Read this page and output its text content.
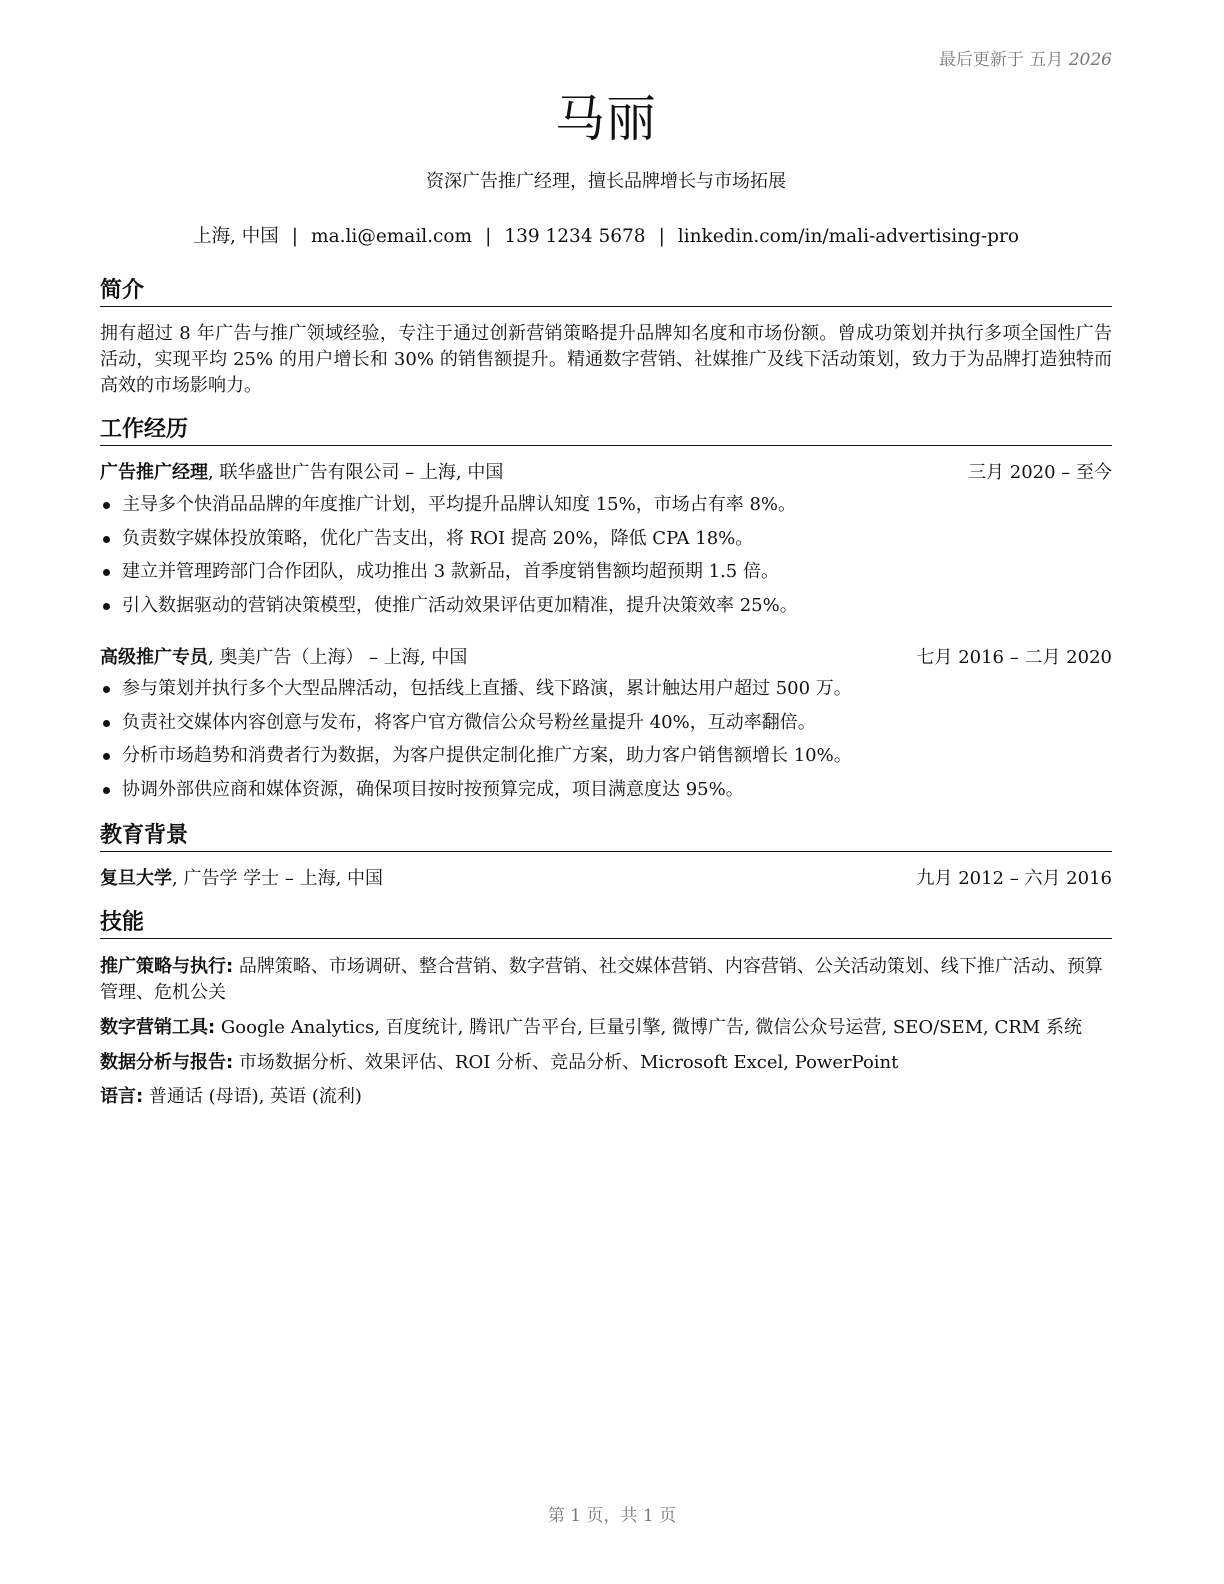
最后更新于 五月 2026
马丽
资深广告推广经理，擅长品牌增长与市场拓展
上海, 中国 | ma.li@email.com | 139 1234 5678 | linkedin.com/in/mali-advertising-pro
简介
拥有超过 8 年广告与推广领域经验，专注于通过创新营销策略提升品牌知名度和市场份额。曾成功策划并执行多项全国性广告活动，实现平均 25% 的用户增长和 30% 的销售额提升。精通数字营销、社媒推广及线下活动策划，致力于为品牌打造独特而高效的市场影响力。
工作经历
广告推广经理, 联华盛世广告有限公司 – 上海, 中国	三月 2020 – 至今
主导多个快消品品牌的年度推广计划，平均提升品牌认知度 15%，市场占有率 8%。
负责数字媒体投放策略，优化广告支出，将 ROI 提高 20%，降低 CPA 18%。
建立并管理跨部门合作团队，成功推出 3 款新品，首季度销售额均超预期 1.5 倍。
引入数据驱动的营销决策模型，使推广活动效果评估更加精准，提升决策效率 25%。
高级推广专员, 奥美广告（上海） – 上海, 中国	七月 2016 – 二月 2020
参与策划并执行多个大型品牌活动，包括线上直播、线下路演，累计触达用户超过 500 万。
负责社交媒体内容创意与发布，将客户官方微信公众号粉丝量提升 40%，互动率翻倍。
分析市场趋势和消费者行为数据，为客户提供定制化推广方案，助力客户销售额增长 10%。
协调外部供应商和媒体资源，确保项目按时按预算完成，项目满意度达 95%。
教育背景
复旦大学, 广告学 学士 – 上海, 中国	九月 2012 – 六月 2016
技能
推广策略与执行: 品牌策略、市场调研、整合营销、数字营销、社交媒体营销、内容营销、公关活动策划、线下推广活动、预算管理、危机公关
数字营销工具: Google Analytics, 百度统计, 腾讯广告平台, 巨量引擎, 微博广告, 微信公众号运营, SEO/SEM, CRM 系统
数据分析与报告: 市场数据分析、效果评估、ROI 分析、竞品分析、Microsoft Excel, PowerPoint
语言: 普通话 (母语), 英语 (流利)
第 1 页，共 1 页
